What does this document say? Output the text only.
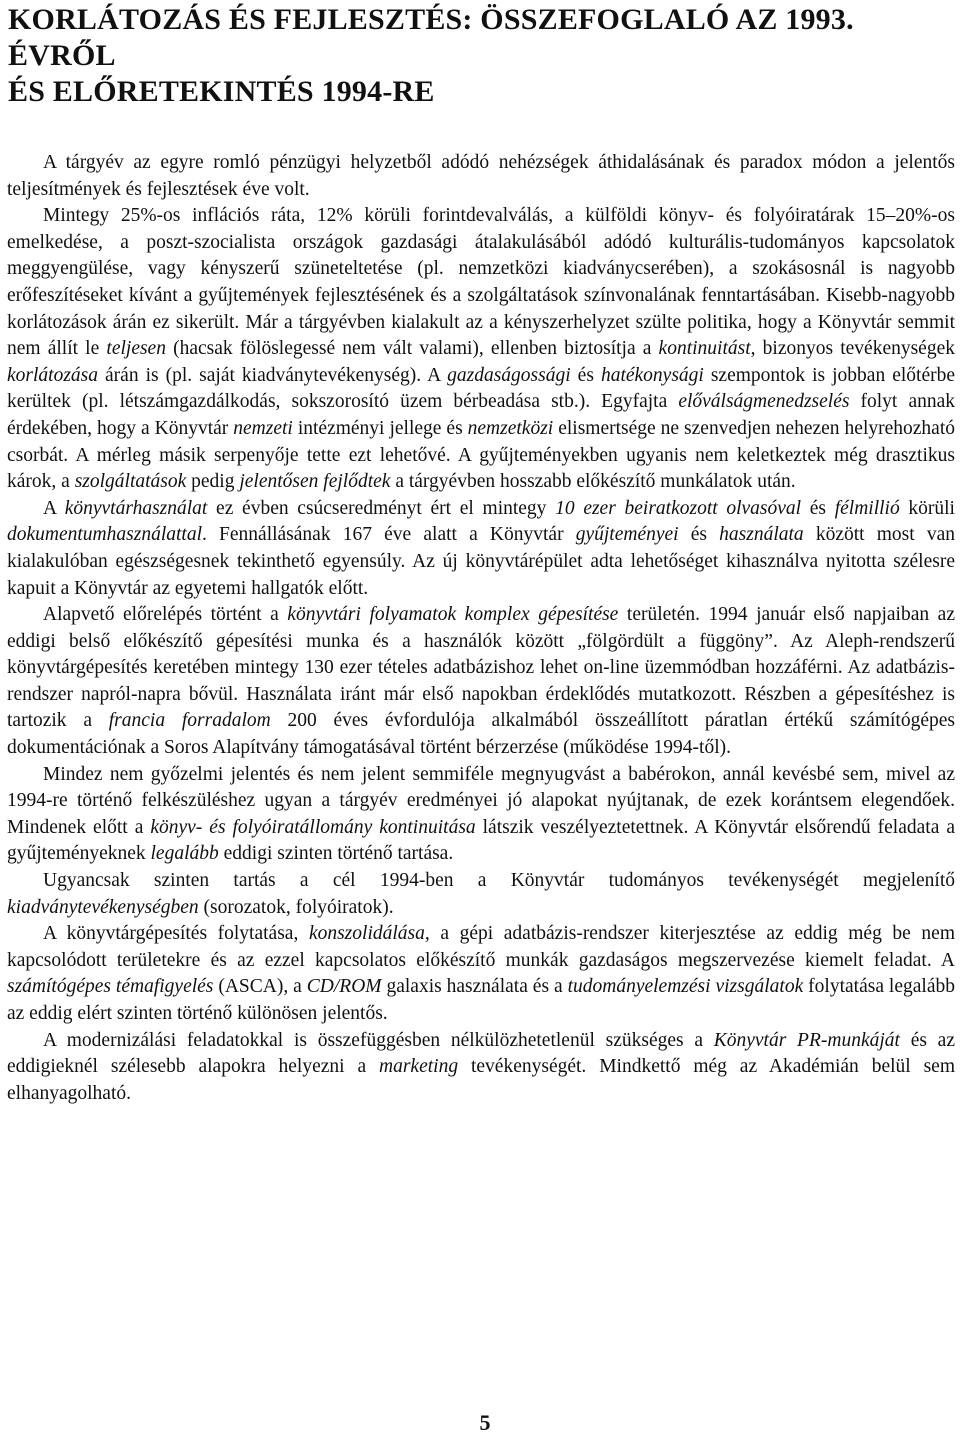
KORLÁTOZÁS ÉS FEJLESZTÉS: ÖSSZEFOGLALÓ AZ 1993. ÉVRŐL
ÉS ELŐRETEKINTÉS 1994-RE

A tárgyév az egyre romló pénzügyi helyzetből adódó nehézségek áthidalásának és paradox módon a jelentős teljesítmények és fejlesztések éve volt.

Mintegy 25%-os inflációs ráta, 12% körüli forintdevalválás, a külföldi könyv- és folyóiratárak 15–20%-os emelkedése, a poszt-szocialista országok gazdasági átalakulásából adódó kulturális-tudományos kapcsolatok meggyengülése, vagy kényszerű szüneteltetése (pl. nemzetközi kiadványcserében), a szokásosnál is nagyobb erőfeszítéseket kívánt a gyűjtemények fejlesztésének és a szolgáltatások színvonalának fenntartásában. Kisebb-nagyobb korlátozások árán ez sikerült. Már a tárgyévben kialakult az a kényszerhelyzet szülte politika, hogy a Könyvtár semmit nem állít le teljesen (hacsak fölöslegessé nem vált valami), ellenben biztosítja a kontinuitást, bizonyos tevékenységek korlátozása árán is (pl. saját kiadványtevékenység). A gazdaságossági és hatékonysági szempontok is jobban előtérbe kerültek (pl. létszámgazdálkodás, sokszorosító üzem bérbeadása stb.). Egyfajta előválságmenedzselés folyt annak érdekében, hogy a Könyvtár nemzeti intézményi jellege és nemzetközi elismertsége ne szenvedjen nehezen helyrehozható csorbát. A mérleg másik serpenyője tette ezt lehetővé. A gyűjteményekben ugyanis nem keletkeztek még drasztikus károk, a szolgáltatások pedig jelentősen fejlődtek a tárgyévben hosszabb előkészítő munkálatok után.

A könyvtárhasználat ez évben csúcseredményt ért el mintegy 10 ezer beiratkozott olvasóval és félmillió körüli dokumentumhasználattal. Fennállásának 167 éve alatt a Könyvtár gyűjteményei és használata között most van kialakulóban egészségesnek tekinthető egyensúly. Az új könyvtárépület adta lehetőséget kihasználva nyitotta szélesre kapuit a Könyvtár az egyetemi hallgatók előtt.

Alapvető előrelépés történt a könyvtári folyamatok komplex gépesítése területén. 1994 január első napjaiban az eddigi belső előkészítő gépesítési munka és a használók között „fölgördült a függöny”. Az Aleph-rendszerű könyvtárgépesítés keretében mintegy 130 ezer tételes adatbázishoz lehet on-line üzemmódban hozzáférni. Az adatbázis-rendszer napról-napra bővül. Használata iránt már első napokban érdeklődés mutatkozott. Részben a gépesítéshez is tartozik a francia forradalom 200 éves évfordulója alkalmából összeállított páratlan értékű számítógépes dokumentációnak a Soros Alapítvány támogatásával történt bérzerzése (működése 1994-től).

Mindez nem győzelmi jelentés és nem jelent semmiféle megnyugvást a babérokon, annál kevésbé sem, mivel az 1994-re történő felkészüléshez ugyan a tárgyév eredményei jó alapokat nyújtanak, de ezek korántsem elegendőek. Mindenek előtt a könyv- és folyóiratállomány kontinuitása látszik veszélyeztetettnek. A Könyvtár elsőrendű feladata a gyűjteményeknek legalább eddigi szinten történő tartása.

Ugyancsak szinten tartás a cél 1994-ben a Könyvtár tudományos tevékenységét megjelenítő kiadványtevékenységben (sorozatok, folyóiratok).

A könyvtárgépesítés folytatása, konszolidálása, a gépi adatbázis-rendszer kiterjesztése az eddig még be nem kapcsolódott területekre és az ezzel kapcsolatos előkészítő munkák gazdaságos megszervezése kiemelt feladat. A számítógépes témafigyelés (ASCA), a CD/ROM galaxis használata és a tudományelemzési vizsgálatok folytatása legalább az eddig elért szinten történő különösen jelentős.

A modernizálási feladatokkal is összefüggésben nélkülözhetetlenül szükséges a Könyvtár PR-munkáját és az eddigieknél szélesebb alapokra helyezni a marketing tevékenységét. Mindkettő még az Akadémián belül sem elhanyagolható.

5
